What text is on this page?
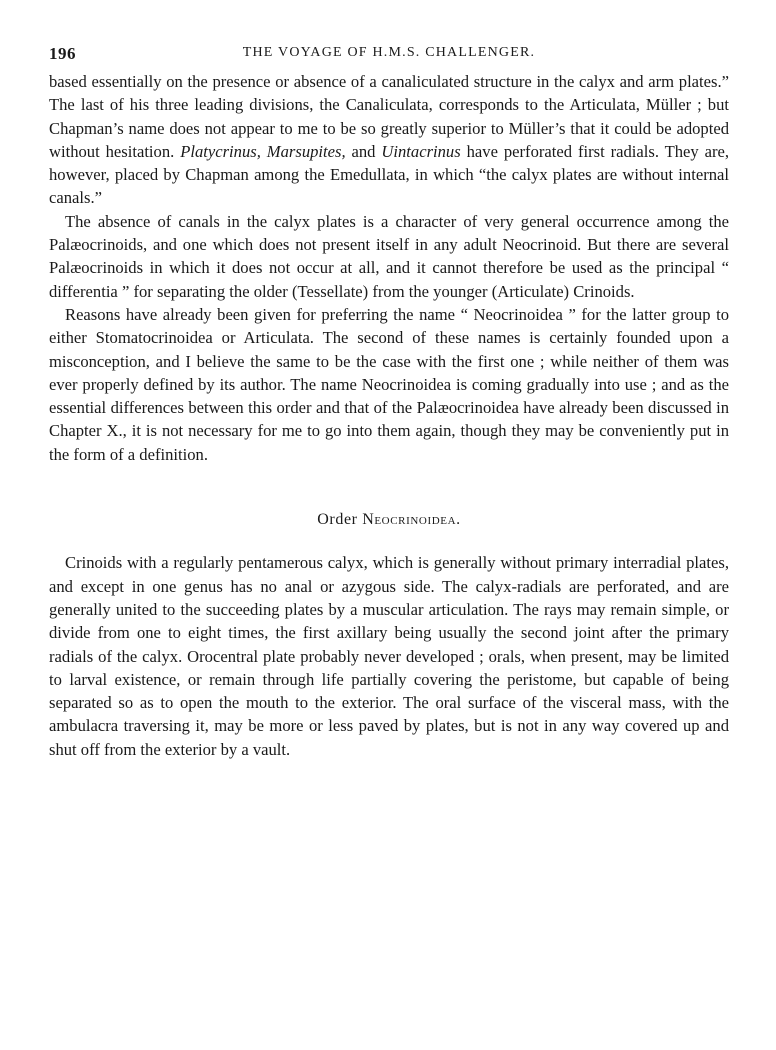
196	THE VOYAGE OF H.M.S. CHALLENGER.

based essentially on the presence or absence of a canaliculated structure in the calyx and arm plates.” The last of his three leading divisions, the Canaliculata, corresponds to the Articulata, Müller ; but Chapman’s name does not appear to me to be so greatly superior to Müller’s that it could be adopted without hesitation. Platycrinus, Marsupites, and Uintacrinus have perforated first radials. They are, however, placed by Chapman among the Emedullata, in which “the calyx plates are without internal canals.”

The absence of canals in the calyx plates is a character of very general occurrence among the Palæocrinoids, and one which does not present itself in any adult Neocrinoid. But there are several Palæocrinoids in which it does not occur at all, and it cannot therefore be used as the principal “ differentia ” for separating the older (Tessellate) from the younger (Articulate) Crinoids.

Reasons have already been given for preferring the name “ Neocrinoidea ” for the latter group to either Stomatocrinoidea or Articulata. The second of these names is certainly founded upon a misconception, and I believe the same to be the case with the first one ; while neither of them was ever properly defined by its author. The name Neocrinoidea is coming gradually into use ; and as the essential differences between this order and that of the Palæocrinoidea have already been discussed in Chapter X., it is not necessary for me to go into them again, though they may be conveniently put in the form of a definition.

Order Neocrinoidea.

Crinoids with a regularly pentamerous calyx, which is generally without primary interradial plates, and except in one genus has no anal or azygous side. The calyx-radials are perforated, and are generally united to the succeeding plates by a muscular articulation. The rays may remain simple, or divide from one to eight times, the first axillary being usually the second joint after the primary radials of the calyx. Orocentral plate probably never developed ; orals, when present, may be limited to larval existence, or remain through life partially covering the peristome, but capable of being separated so as to open the mouth to the exterior. The oral surface of the visceral mass, with the ambulacra traversing it, may be more or less paved by plates, but is not in any way covered up and shut off from the exterior by a vault.
